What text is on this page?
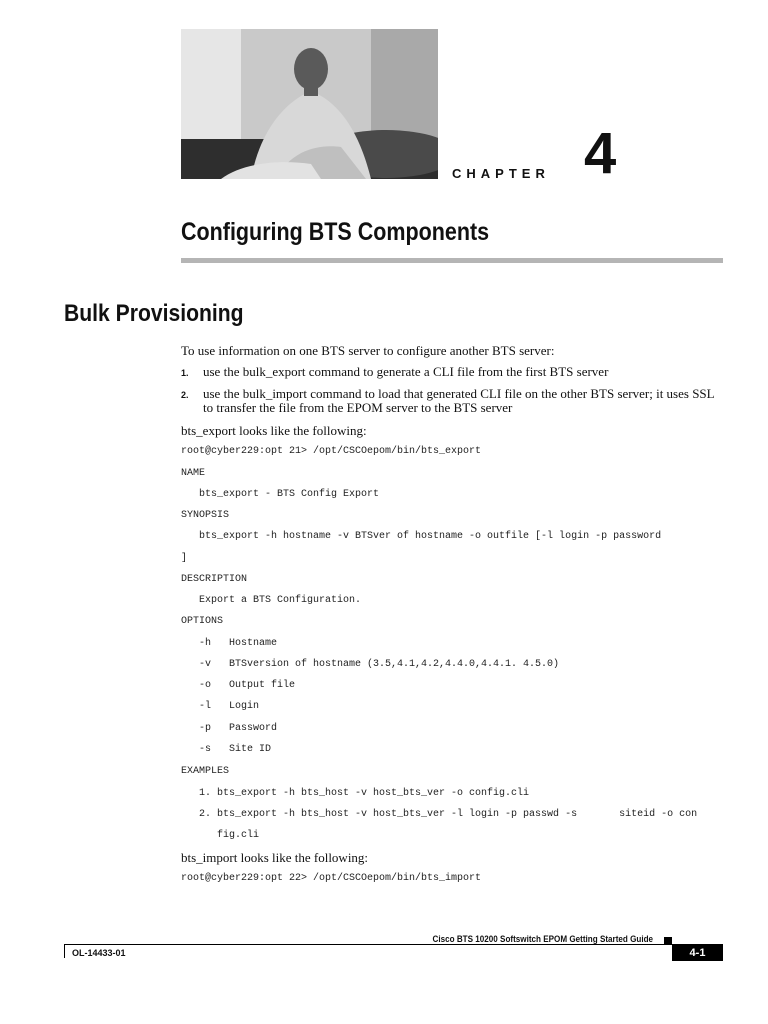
CHAPTER 4
Configuring BTS Components
Bulk Provisioning
To use information on one BTS server to configure another BTS server:
1. use the bulk_export command to generate a CLI file from the first BTS server
2. use the bulk_import command to load that generated CLI file on the other BTS server; it uses SSL to transfer the file from the EPOM server to the BTS server
bts_export looks like the following:
root@cyber229:opt 21> /opt/CSCOepom/bin/bts_export
NAME
bts_export - BTS Config Export
SYNOPSIS
bts_export -h hostname -v BTSver of hostname -o outfile [-l login -p password
]
DESCRIPTION
Export a BTS Configuration.
OPTIONS
-h   Hostname
-v   BTSversion of hostname (3.5,4.1,4.2,4.4.0,4.4.1. 4.5.0)
-o   Output file
-l   Login
-p   Password
-s   Site ID
EXAMPLES
1. bts_export -h bts_host -v host_bts_ver -o config.cli
2. bts_export -h bts_host -v host_bts_ver -l login -p passwd -s       siteid -o con
fig.cli
bts_import looks like the following:
root@cyber229:opt 22> /opt/CSCOepom/bin/bts_import
Cisco BTS 10200 Softswitch EPOM Getting Started Guide
OL-14433-01	4-1
